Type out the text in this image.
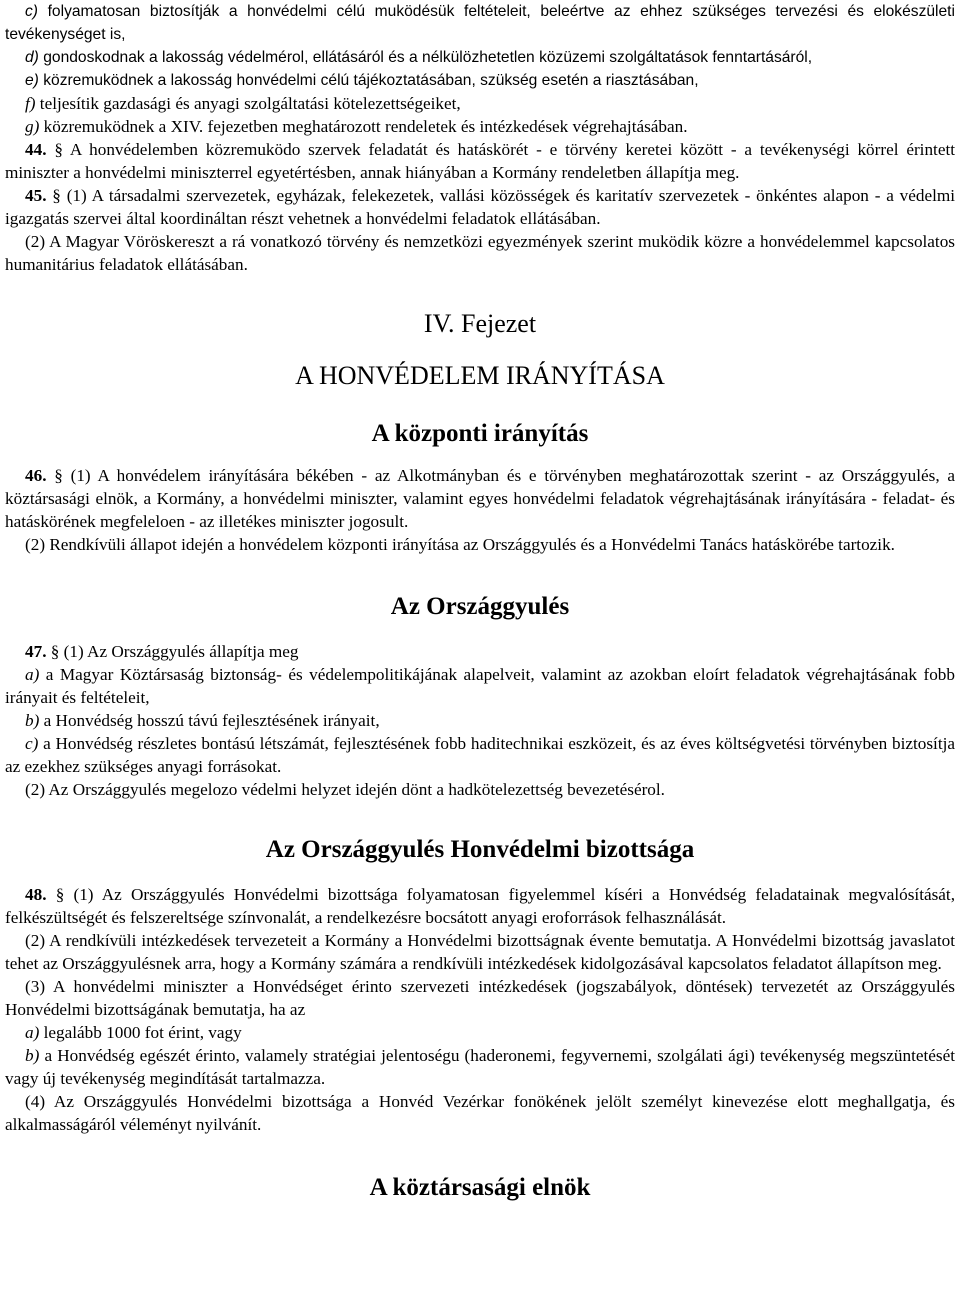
c) folyamatosan biztosítják a honvédelmi célú muködésük feltételeit, beleértve az ehhez szükséges tervezési és elokészületi tevékenységet is,

d) gondoskodnak a lakosság védelmérol, ellátásáról és a nélkülözhetetlen közüzemi szolgáltatások fenntartásáról,

e) közremuködnek a lakosság honvédelmi célú tájékoztatásában, szükség esetén a riasztásában,

f) teljesítik gazdasági és anyagi szolgáltatási kötelezettségeiket,

g) közremuködnek a XIV. fejezetben meghatározott rendeletek és intézkedések végrehajtásában.

44. § A honvédelemben közremuködo szervek feladatát és hatáskörét - e törvény keretei között - a tevékenységi körrel érintett miniszter a honvédelmi miniszterrel egyetértésben, annak hiányában a Kormány rendeletben állapítja meg.

45. § (1) A társadalmi szervezetek, egyházak, felekezetek, vallási közösségek és karitatív szervezetek - önkéntes alapon - a védelmi igazgatás szervei által koordináltan részt vehetnek a honvédelmi feladatok ellátásában.

(2) A Magyar Vöröskereszt a rá vonatkozó törvény és nemzetközi egyezmények szerint muködik közre a honvédelemmel kapcsolatos humanitárius feladatok ellátásában.

IV. Fejezet
A HONVÉDELEM IRÁNYÍTÁSA
A központi irányítás

46. § (1) A honvédelem irányítására békében - az Alkotmányban és e törvényben meghatározottak szerint - az Országgyulés, a köztársasági elnök, a Kormány, a honvédelmi miniszter, valamint egyes honvédelmi feladatok végrehajtásának irányítására - feladat- és hatáskörének megfeleloen - az illetékes miniszter jogosult.

(2) Rendkívüli állapot idején a honvédelem központi irányítása az Országgyulés és a Honvédelmi Tanács hatáskörébe tartozik.

Az Országgyulés

47. § (1) Az Országgyulés állapítja meg

a) a Magyar Köztársaság biztonság- és védelempolitikájának alapelveit, valamint az azokban eloírt feladatok végrehajtásának fobb irányait és feltételeit,

b) a Honvédség hosszú távú fejlesztésének irányait,

c) a Honvédség részletes bontású létszámát, fejlesztésének fobb haditechnikai eszközeit, és az éves költségvetési törvényben biztosítja az ezekhez szükséges anyagi forrásokat.

(2) Az Országgyulés megelozo védelmi helyzet idején dönt a hadkötelezettség bevezetésérol.

Az Országgyulés Honvédelmi bizottsága

48. § (1) Az Országgyulés Honvédelmi bizottsága folyamatosan figyelemmel kíséri a Honvédség feladatainak megvalósítását, felkészültségét és felszereltsége színvonalát, a rendelkezésre bocsátott anyagi eroforrások felhasználását.

(2) A rendkívüli intézkedések tervezeteit a Kormány a Honvédelmi bizottságnak évente bemutatja. A Honvédelmi bizottság javaslatot tehet az Országgyulésnek arra, hogy a Kormány számára a rendkívüli intézkedések kidolgozásával kapcsolatos feladatot állapítson meg.

(3) A honvédelmi miniszter a Honvédséget érinto szervezeti intézkedések (jogszabályok, döntések) tervezetét az Országgyulés Honvédelmi bizottságának bemutatja, ha az

a) legalább 1000 fot érint, vagy

b) a Honvédség egészét érinto, valamely stratégiai jelentoségu (haderonemi, fegyvernemi, szolgálati ági) tevékenység megszüntetését vagy új tevékenység megindítását tartalmazza.

(4) Az Országgyulés Honvédelmi bizottsága a Honvéd Vezérkar fonökének jelölt személyt kinevezése elott meghallgatja, és alkalmasságáról véleményt nyilvánít.

A köztársasági elnök
